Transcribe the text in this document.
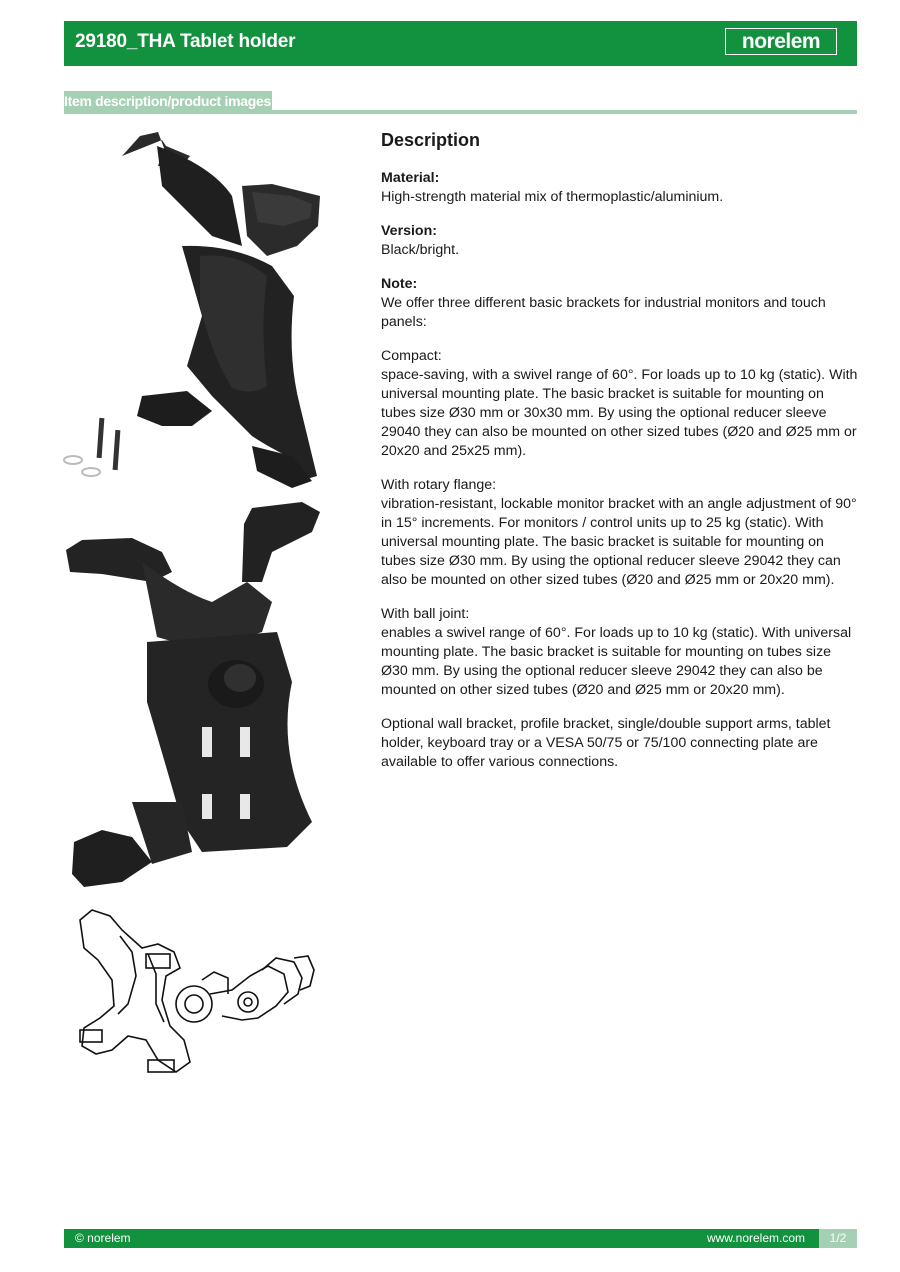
29180_THA Tablet holder	norelem
Item description/product images
Description
Material:
High-strength material mix of thermoplastic/aluminium.
Version:
Black/bright.
Note:
We offer three different basic brackets for industrial monitors and touch panels:
Compact:
space-saving, with a swivel range of 60°. For loads up to 10 kg (static). With universal mounting plate. The basic bracket is suitable for mounting on tubes size Ø30 mm or 30x30 mm. By using the optional reducer sleeve 29040 they can also be mounted on other sized tubes (Ø20 and Ø25 mm or 20x20 and 25x25 mm).
With rotary flange:
vibration-resistant, lockable monitor bracket with an angle adjustment of 90° in 15° increments. For monitors / control units up to 25 kg (static). With universal mounting plate. The basic bracket is suitable for mounting on tubes size Ø30 mm. By using the optional reducer sleeve 29042 they can also be mounted on other sized tubes (Ø20 and Ø25 mm or 20x20 mm).
With ball joint:
enables a swivel range of 60°. For loads up to 10 kg (static). With universal mounting plate. The basic bracket is suitable for mounting on tubes size Ø30 mm. By using the optional reducer sleeve 29042 they can also be mounted on other sized tubes (Ø20 and Ø25 mm or 20x20 mm).
Optional wall bracket, profile bracket, single/double support arms, tablet holder, keyboard tray or a VESA 50/75 or 75/100 connecting plate are available to offer various connections.
© norelem	www.norelem.com	1/2
